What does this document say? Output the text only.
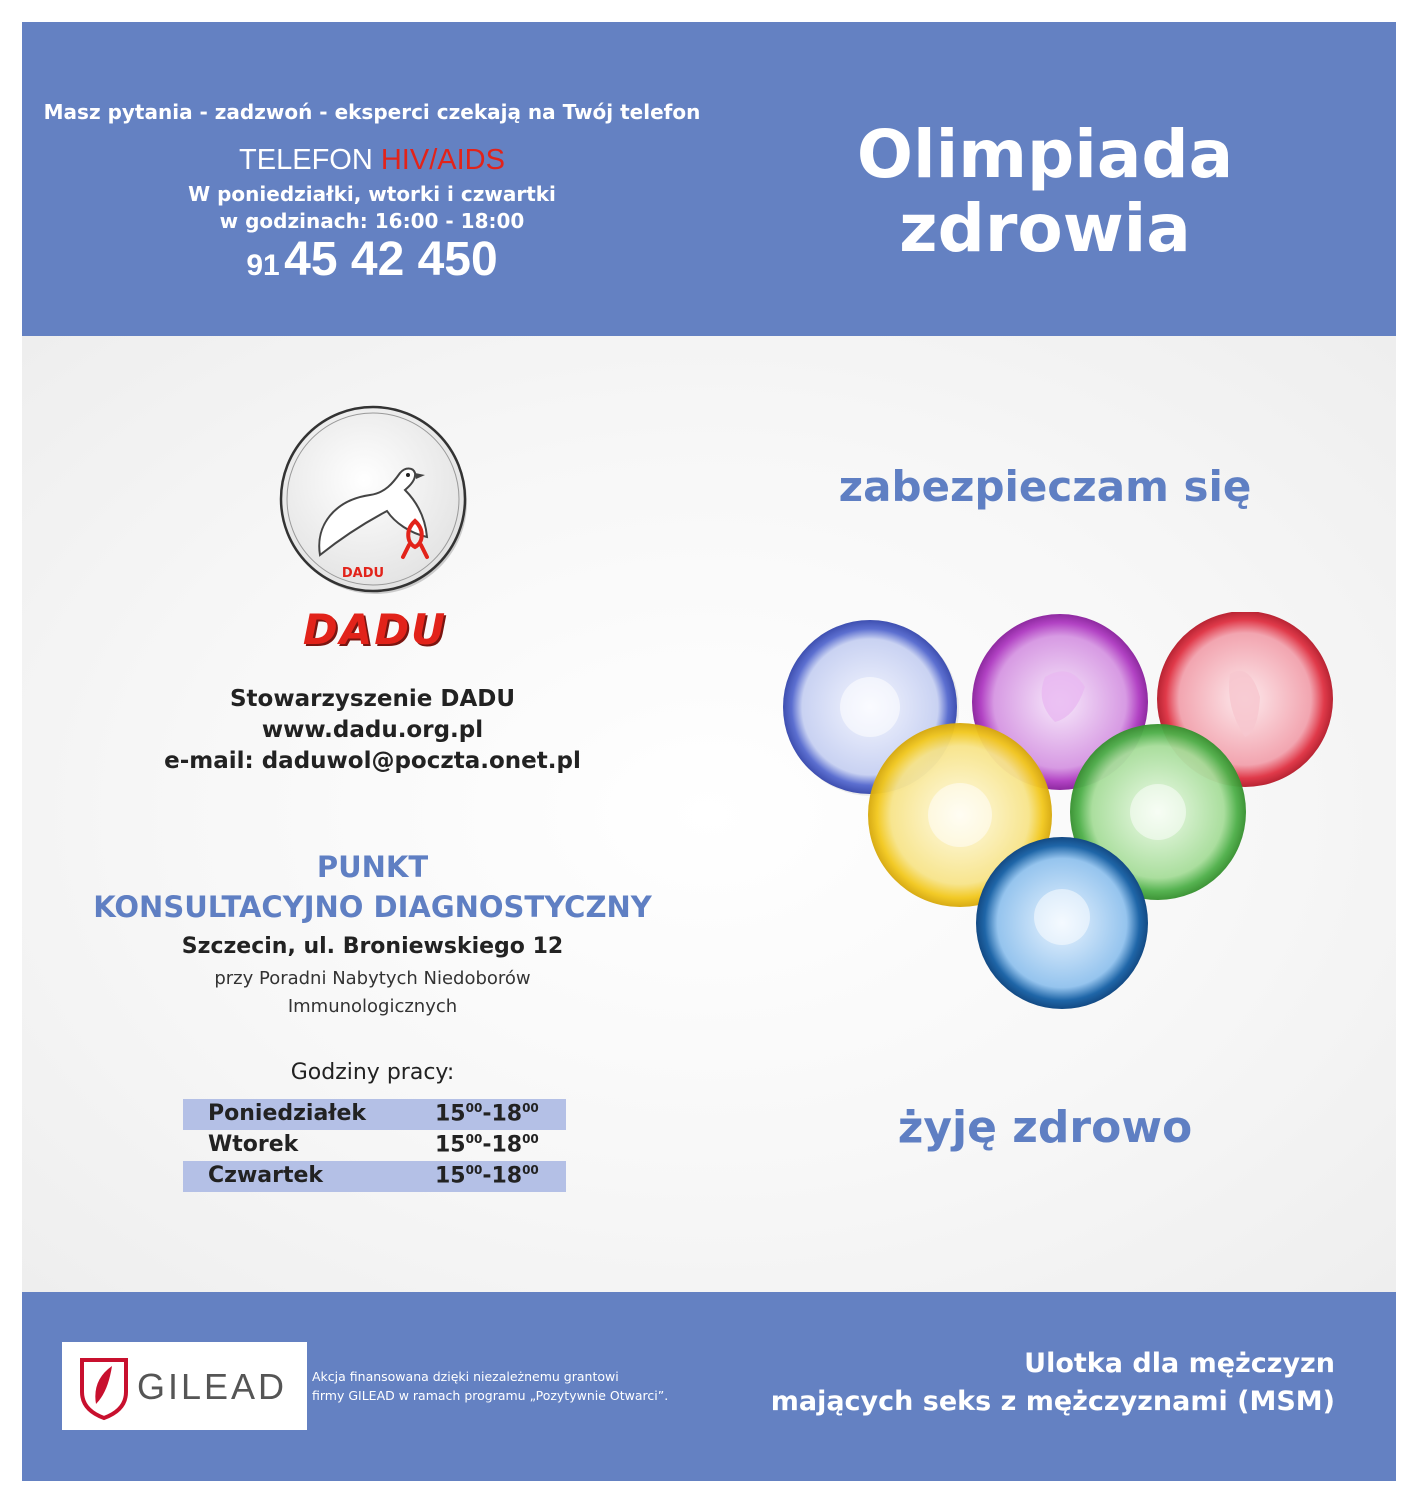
Masz pytania - zadzwoń - eksperci czekają na Twój telefon
TELEFON HIV/AIDS
W poniedziałki, wtorki i czwartki
w godzinach: 16:00 - 18:00
91 45 42 450
Olimpiada
zdrowia
DADU
DADU
Stowarzyszenie DADU
www.dadu.org.pl
e-mail: daduwol@poczta.onet.pl
PUNKT
KONSULTACYJNO DIAGNOSTYCZNY
Szczecin, ul. Broniewskiego 12
przy Poradni Nabytych Niedoborów
Immunologicznych
Godziny pracy:
Poniedziałek	$15^{00}-18^{00}$
Wtorek	$15^{00}-18^{00}$
Czwartek	$15^{00}-18^{00}$
zabezpieczam się
żyję zdrowo
GILEAD Akcja finansowana dzięki niezależnemu grantowi
firmy GILEAD w ramach programu „Pozytywnie Otwarci”.
Ulotka dla mężczyzn
mających seks z mężczyznami (MSM)
